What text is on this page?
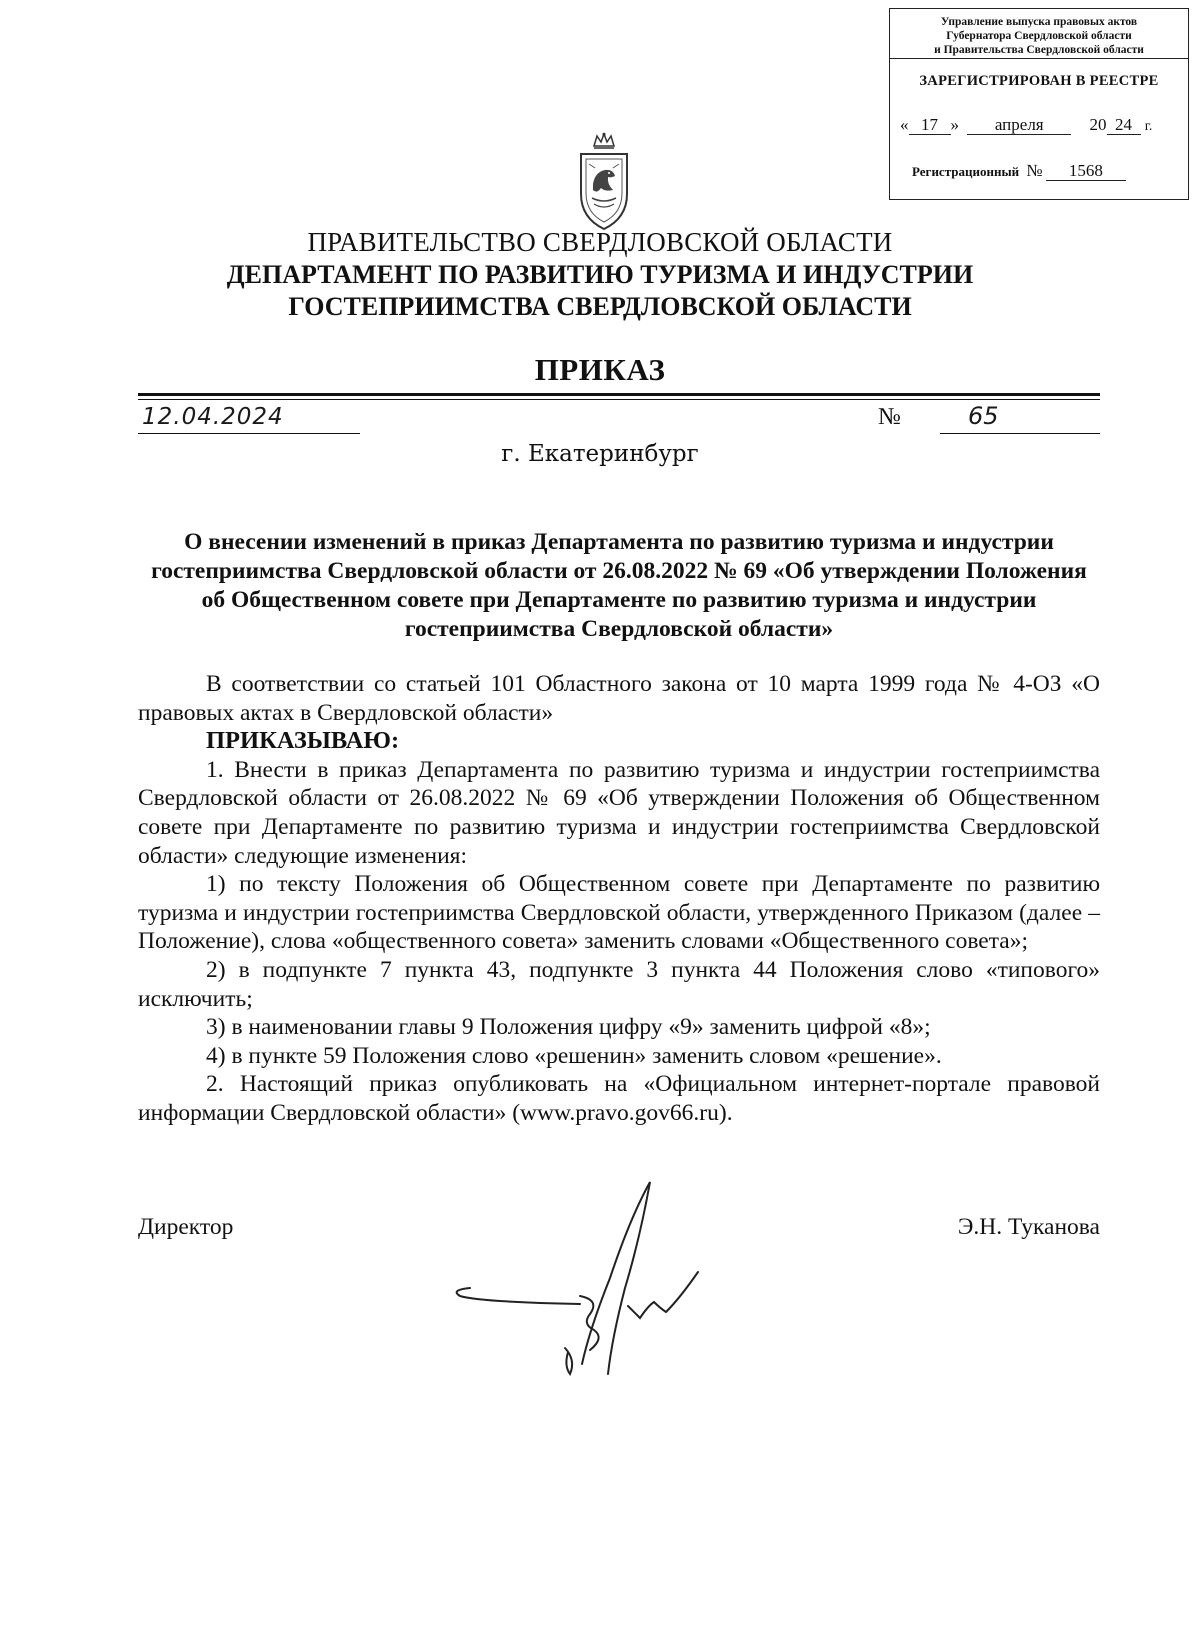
Управление выпуска правовых актов
Губернатора Свердловской области
и Правительства Свердловской области
ЗАРЕГИСТРИРОВАН В РЕЕСТРЕ
« 17 » апреля	20 24 г.
Регистрационный № 1568
ПРАВИТЕЛЬСТВО СВЕРДЛОВСКОЙ ОБЛАСТИ
ДЕПАРТАМЕНТ ПО РАЗВИТИЮ ТУРИЗМА И ИНДУСТРИИ
ГОСТЕПРИИМСТВА СВЕРДЛОВСКОЙ ОБЛАСТИ
ПРИКАЗ
12.04.2024	№	65
г. Екатеринбург
О внесении изменений в приказ Департамента по развитию туризма и индустрии гостеприимства Свердловской области от 26.08.2022 № 69 «Об утверждении Положения об Общественном совете при Департаменте по развитию туризма и индустрии гостеприимства Свердловской области»

В соответствии со статьей 101 Областного закона от 10 марта 1999 года № 4-ОЗ «О правовых актах в Свердловской области»

ПРИКАЗЫВАЮ:

1. Внести в приказ Департамента по развитию туризма и индустрии гостеприимства Свердловской области от 26.08.2022 № 69 «Об утверждении Положения об Общественном совете при Департаменте по развитию туризма и индустрии гостеприимства Свердловской области» следующие изменения:

1) по тексту Положения об Общественном совете при Департаменте по развитию туризма и индустрии гостеприимства Свердловской области, утвержденного Приказом (далее – Положение), слова «общественного совета» заменить словами «Общественного совета»;

2) в подпункте 7 пункта 43, подпункте 3 пункта 44 Положения слово «типового» исключить;

3) в наименовании главы 9 Положения цифру «9» заменить цифрой «8»;

4) в пункте 59 Положения слово «решенин» заменить словом «решение».

2. Настоящий приказ опубликовать на «Официальном интернет-портале правовой информации Свердловской области» (www.pravo.gov66.ru).

Директор	Э.Н. Туканова
